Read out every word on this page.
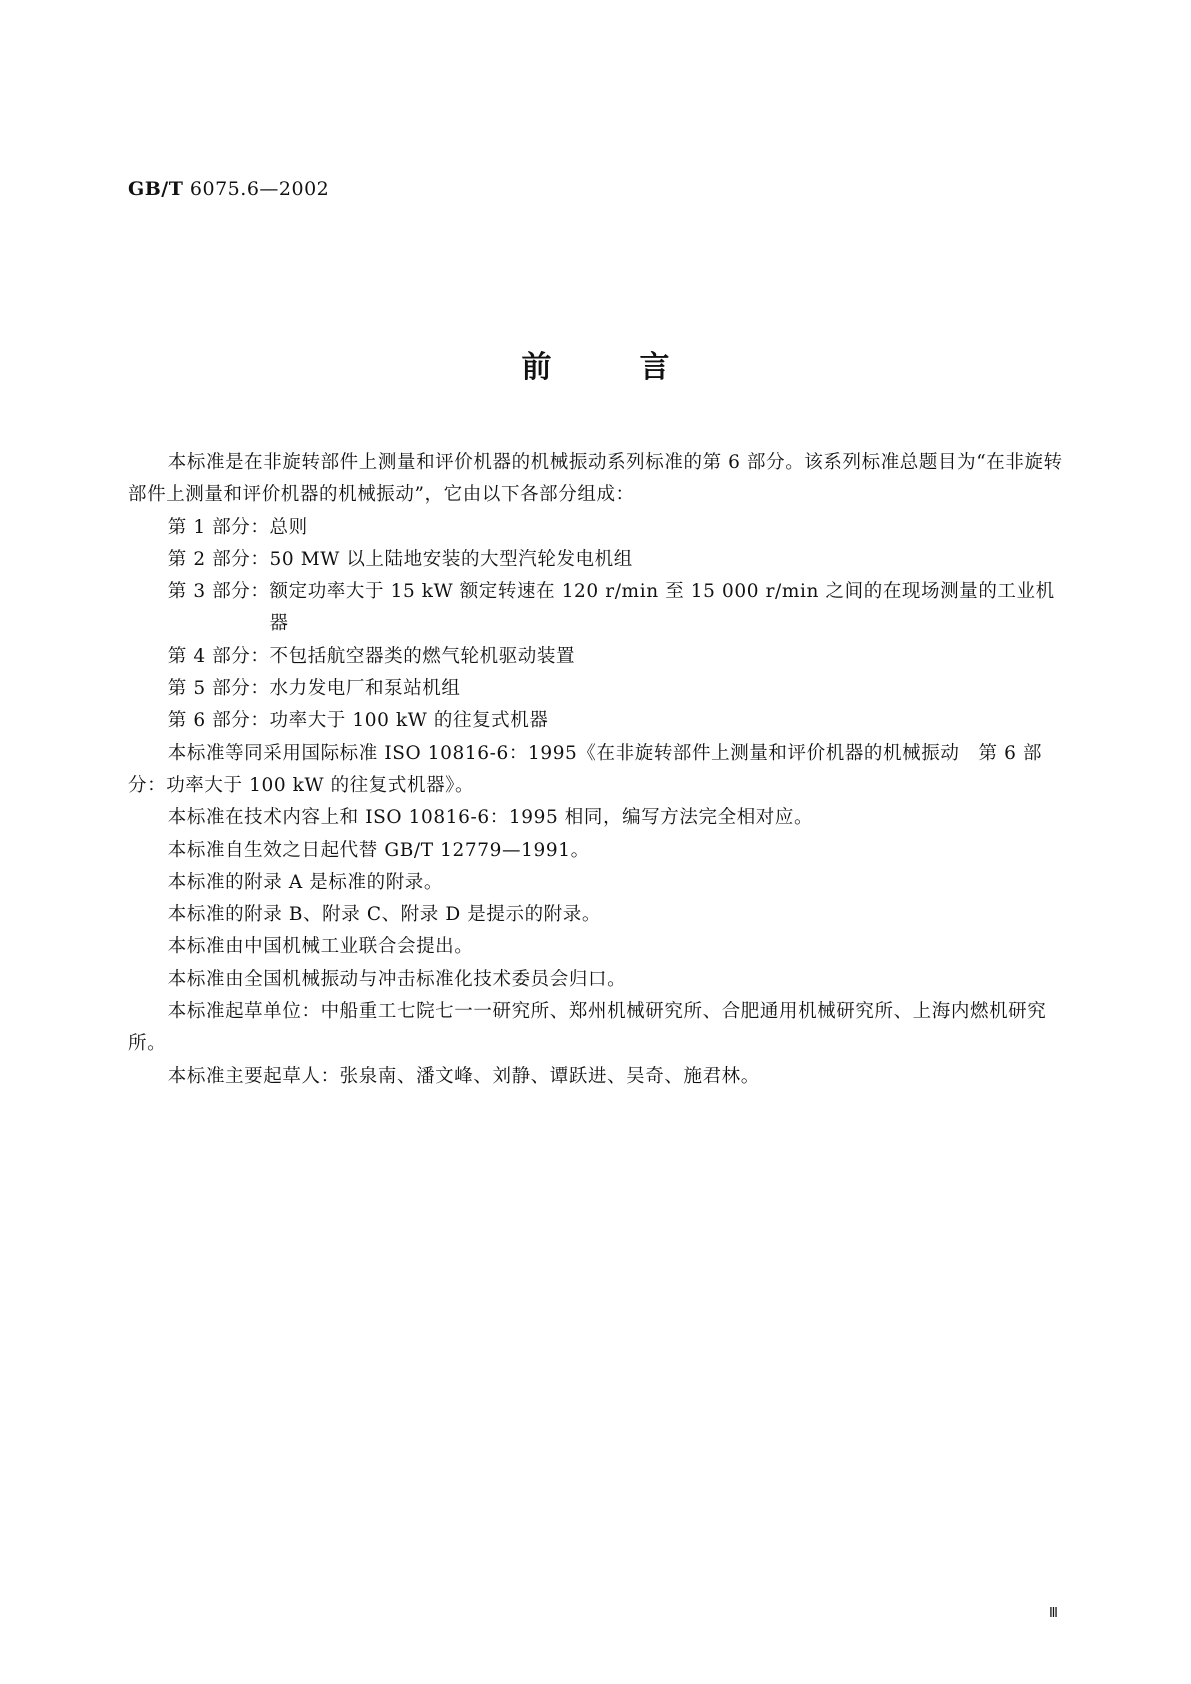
GB/T 6075.6—2002
前	言

本标准是在非旋转部件上测量和评价机器的机械振动系列标准的第 6 部分。该系列标准总题目为“在非旋转部件上测量和评价机器的机械振动”，它由以下各部分组成：

第 1 部分： 总则
第 2 部分： 50 MW 以上陆地安装的大型汽轮发电机组
第 3 部分： 额定功率大于 15 kW 额定转速在 120 r/min 至 15 000 r/min 之间的在现场测量的工业机器
第 4 部分： 不包括航空器类的燃气轮机驱动装置
第 5 部分： 水力发电厂和泵站机组
第 6 部分： 功率大于 100 kW 的往复式机器

本标准等同采用国际标准 ISO 10816-6：1995《在非旋转部件上测量和评价机器的机械振动　第 6 部分：功率大于 100 kW 的往复式机器》。

本标准在技术内容上和 ISO 10816-6：1995 相同，编写方法完全相对应。

本标准自生效之日起代替 GB/T 12779—1991。

本标准的附录 A 是标准的附录。

本标准的附录 B、附录 C、附录 D 是提示的附录。

本标准由中国机械工业联合会提出。

本标准由全国机械振动与冲击标准化技术委员会归口。

本标准起草单位：中船重工七院七一一研究所、郑州机械研究所、合肥通用机械研究所、上海内燃机研究所。

本标准主要起草人：张泉南、潘文峰、刘静、谭跃进、吴奇、施君林。

Ⅲ
